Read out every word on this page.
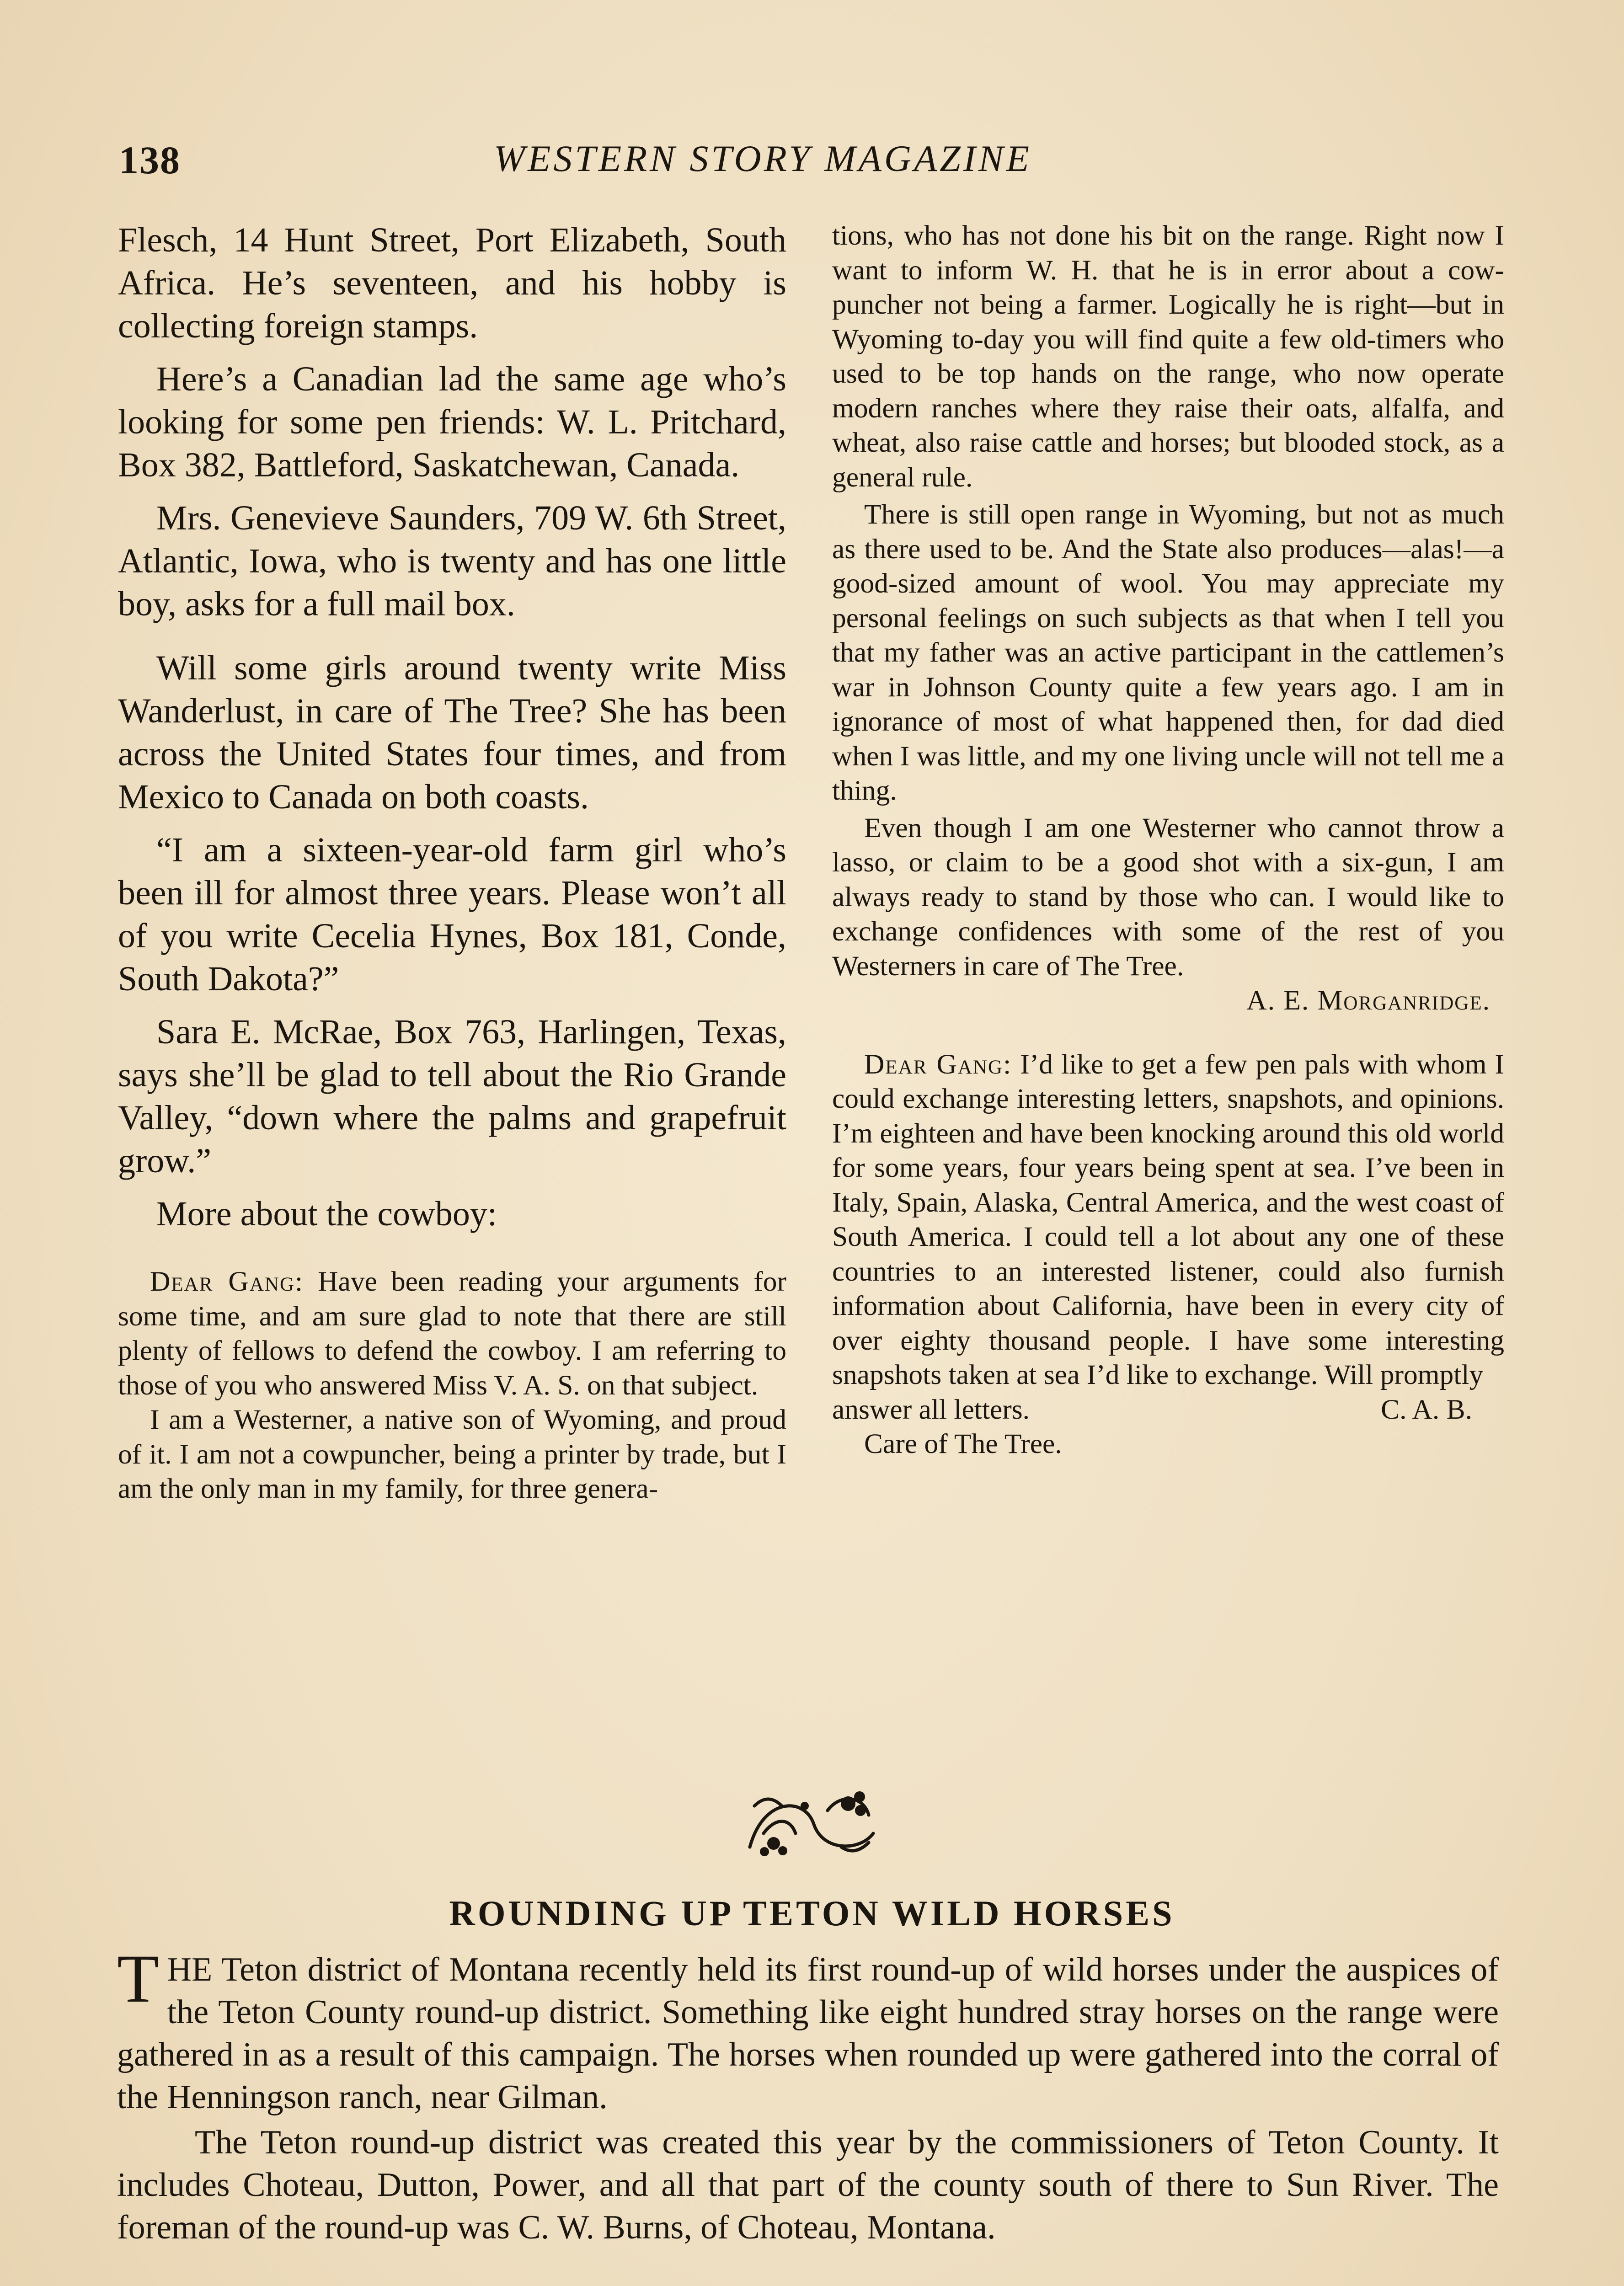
138	WESTERN STORY MAGAZINE

Flesch, 14 Hunt Street, Port Elizabeth, South Africa. He’s seventeen, and his hobby is collecting foreign stamps.

Here’s a Canadian lad the same age who’s looking for some pen friends: W. L. Pritchard, Box 382, Battleford, Saskatchewan, Canada.

Mrs. Genevieve Saunders, 709 W. 6th Street, Atlantic, Iowa, who is twenty and has one little boy, asks for a full mail box.

Will some girls around twenty write Miss Wanderlust, in care of The Tree? She has been across the United States four times, and from Mexico to Canada on both coasts.

“I am a sixteen-year-old farm girl who’s been ill for almost three years. Please won’t all of you write Cecelia Hynes, Box 181, Conde, South Dakota?”

Sara E. McRae, Box 763, Harlingen, Texas, says she’ll be glad to tell about the Rio Grande Valley, “down where the palms and grapefruit grow.”

More about the cowboy:

Dear Gang: Have been reading your arguments for some time, and am sure glad to note that there are still plenty of fellows to defend the cowboy. I am referring to those of you who answered Miss V. A. S. on that subject.

I am a Westerner, a native son of Wyoming, and proud of it. I am not a cowpuncher, being a printer by trade, but I am the only man in my family, for three genera-

tions, who has not done his bit on the range. Right now I want to inform W. H. that he is in error about a cow-puncher not being a farmer. Logically he is right—but in Wyoming to-day you will find quite a few old-timers who used to be top hands on the range, who now operate modern ranches where they raise their oats, alfalfa, and wheat, also raise cattle and horses; but blooded stock, as a general rule.

There is still open range in Wyoming, but not as much as there used to be. And the State also produces—alas!—a good-sized amount of wool. You may appreciate my personal feelings on such subjects as that when I tell you that my father was an active participant in the cattlemen’s war in Johnson County quite a few years ago. I am in ignorance of most of what happened then, for dad died when I was little, and my one living uncle will not tell me a thing.

Even though I am one Westerner who cannot throw a lasso, or claim to be a good shot with a six-gun, I am always ready to stand by those who can. I would like to exchange confidences with some of the rest of you Westerners in care of The Tree.

A. E. Morganridge.

Dear Gang: I’d like to get a few pen pals with whom I could exchange interesting letters, snapshots, and opinions. I’m eighteen and have been knocking around this old world for some years, four years being spent at sea. I’ve been in Italy, Spain, Alaska, Central America, and the west coast of South America. I could tell a lot about any one of these countries to an interested listener, could also furnish information about California, have been in every city of over eighty thousand people. I have some interesting snapshots taken at sea I’d like to exchange. Will promptly

answer all letters.	C. A. B.

Care of The Tree.

ROUNDING UP TETON WILD HORSES

THE Teton district of Montana recently held its first round-up of wild horses under the auspices of the Teton County round-up district. Something like eight hundred stray horses on the range were gathered in as a result of this campaign. The horses when rounded up were gathered into the corral of the Henningson ranch, near Gilman.

The Teton round-up district was created this year by the commissioners of Teton County. It includes Choteau, Dutton, Power, and all that part of the county south of there to Sun River. The foreman of the round-up was C. W. Burns, of Choteau, Montana.
